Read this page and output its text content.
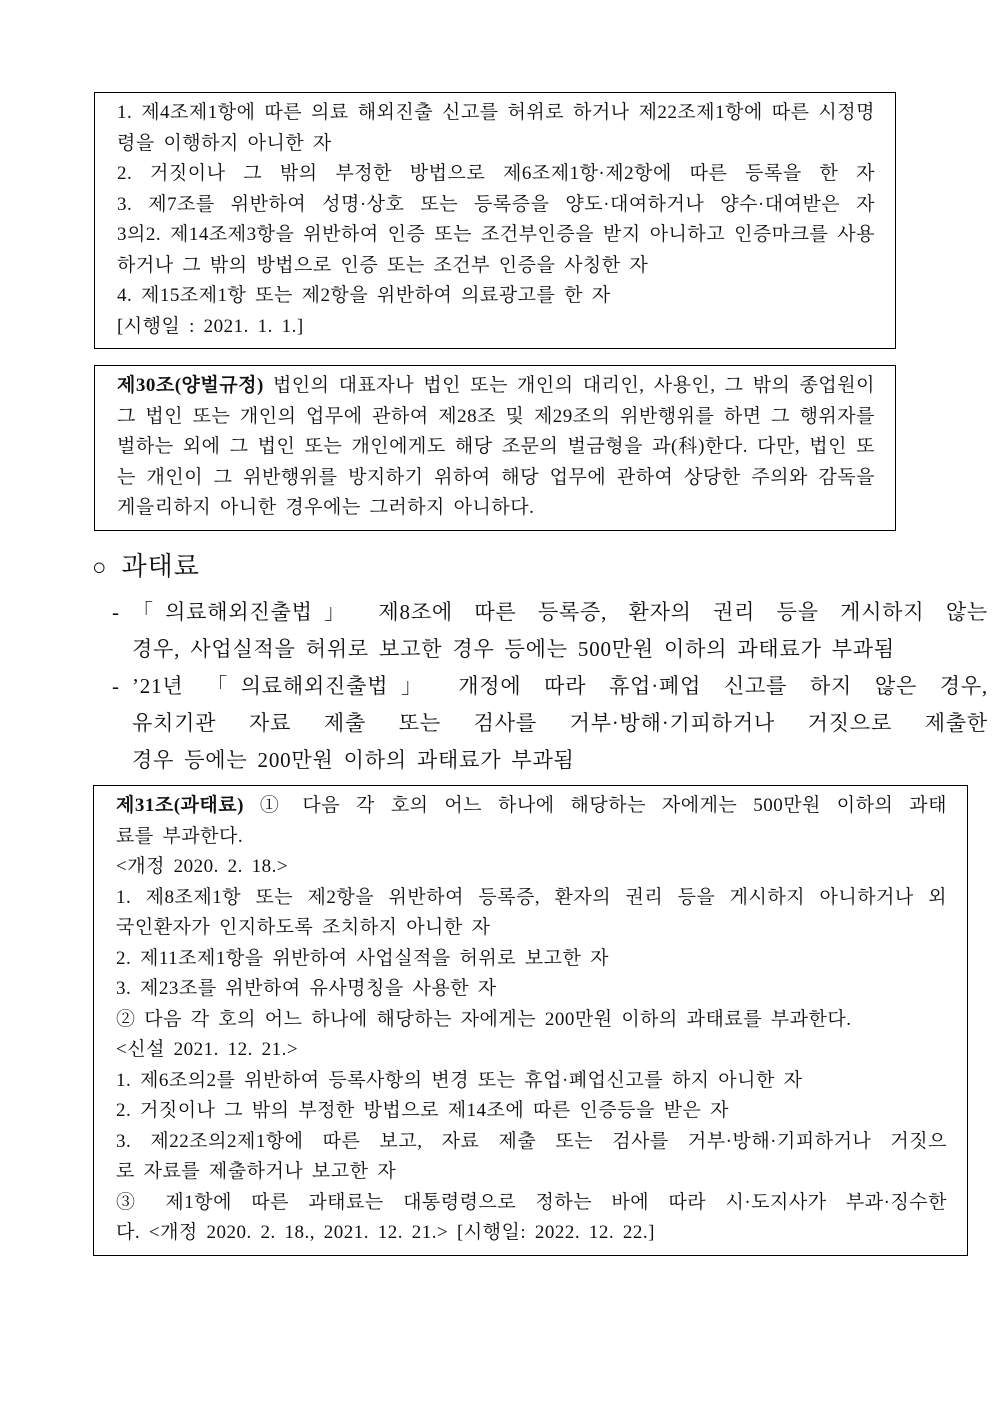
1. 제4조제1항에 따른 의료 해외진출 신고를 허위로 하거나 제22조제1항에 따른 시정명
령을 이행하지 아니한 자
2. 거짓이나 그 밖의 부정한 방법으로 제6조제1항·제2항에 따른 등록을 한 자
3. 제7조를 위반하여 성명·상호 또는 등록증을 양도·대여하거나 양수·대여받은 자
3의2. 제14조제3항을 위반하여 인증 또는 조건부인증을 받지 아니하고 인증마크를 사용
하거나 그 밖의 방법으로 인증 또는 조건부 인증을 사칭한 자
4. 제15조제1항 또는 제2항을 위반하여 의료광고를 한 자
[시행일 : 2021. 1. 1.]
제30조(양벌규정) 법인의 대표자나 법인 또는 개인의 대리인, 사용인, 그 밖의 종업원이
그 법인 또는 개인의 업무에 관하여 제28조 및 제29조의 위반행위를 하면 그 행위자를
벌하는 외에 그 법인 또는 개인에게도 해당 조문의 벌금형을 과(科)한다. 다만, 법인 또
는 개인이 그 위반행위를 방지하기 위하여 해당 업무에 관하여 상당한 주의와 감독을
게을리하지 아니한 경우에는 그러하지 아니하다.
○ 과태료
- 「의료해외진출법」 제8조에 따른 등록증, 환자의 권리 등을 게시하지 않는
경우, 사업실적을 허위로 보고한 경우 등에는 500만원 이하의 과태료가 부과됨
- ’21년 「의료해외진출법」 개정에 따라 휴업·폐업 신고를 하지 않은 경우,
유치기관 자료 제출 또는 검사를 거부·방해·기피하거나 거짓으로 제출한
경우 등에는 200만원 이하의 과태료가 부과됨
제31조(과태료) ① 다음 각 호의 어느 하나에 해당하는 자에게는 500만원 이하의 과태
료를 부과한다.
<개정 2020. 2. 18.>
1. 제8조제1항 또는 제2항을 위반하여 등록증, 환자의 권리 등을 게시하지 아니하거나 외
국인환자가 인지하도록 조치하지 아니한 자
2. 제11조제1항을 위반하여 사업실적을 허위로 보고한 자
3. 제23조를 위반하여 유사명칭을 사용한 자
② 다음 각 호의 어느 하나에 해당하는 자에게는 200만원 이하의 과태료를 부과한다.
<신설 2021. 12. 21.>
1. 제6조의2를 위반하여 등록사항의 변경 또는 휴업·폐업신고를 하지 아니한 자
2. 거짓이나 그 밖의 부정한 방법으로 제14조에 따른 인증등을 받은 자
3. 제22조의2제1항에 따른 보고, 자료 제출 또는 검사를 거부·방해·기피하거나 거짓으
로 자료를 제출하거나 보고한 자
③ 제1항에 따른 과태료는 대통령령으로 정하는 바에 따라 시·도지사가 부과·징수한
다. <개정 2020. 2. 18., 2021. 12. 21.> [시행일: 2022. 12. 22.]
